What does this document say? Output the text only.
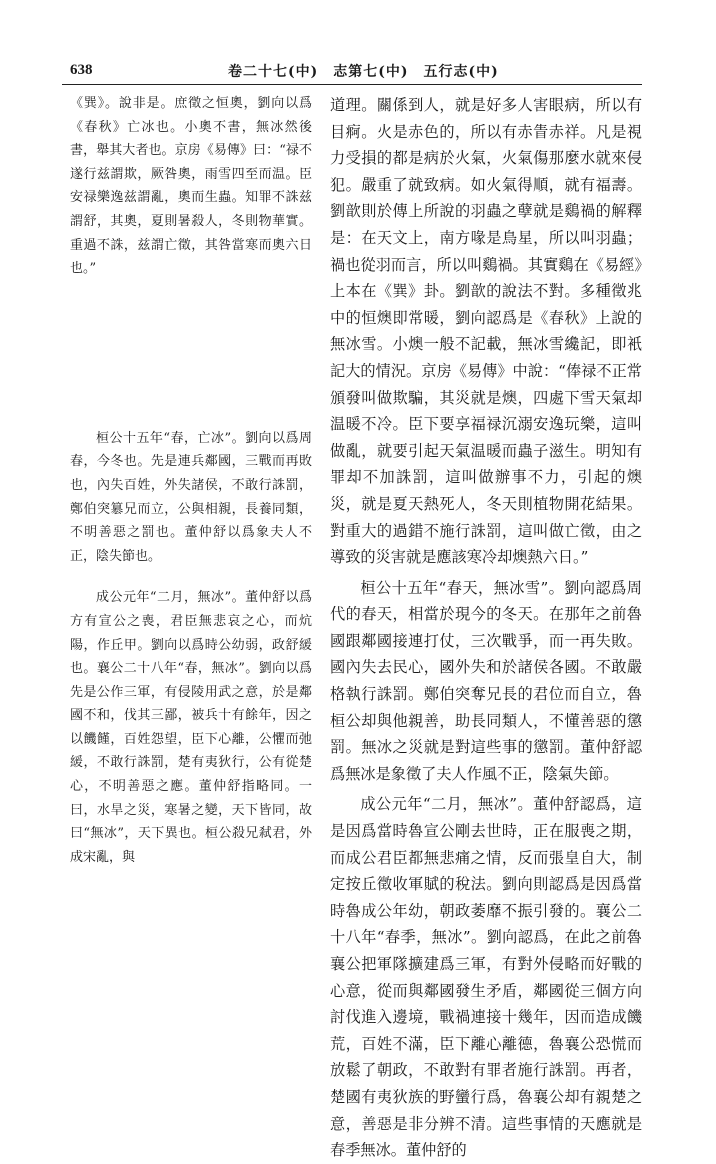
638	卷二十七(中)　志第七(中)　五行志(中)

《巽》。說非是。庶徵之恒奧，劉向以爲《春秋》亡冰也。小奧不書，無冰然後書，舉其大者也。京房《易傳》曰：“禄不遂行兹謂欺，厥咎奧，雨雪四至而温。臣安禄樂逸兹謂亂，奧而生蟲。知罪不誅兹謂舒，其奧，夏則暑殺人，冬則物華實。重過不誅，兹謂亡徵，其咎當寒而奧六日也。”

桓公十五年“春，亡冰”。劉向以爲周春，今冬也。先是連兵鄰國，三戰而再敗也，內失百姓，外失諸侯，不敢行誅罰，鄭伯突簒兄而立，公與相親，長養同類，不明善惡之罰也。董仲舒以爲象夫人不正，陰失節也。

成公元年“二月，無冰”。董仲舒以爲方有宣公之喪，君臣無悲哀之心，而炕陽，作丘甲。劉向以爲時公幼弱，政舒緩也。襄公二十八年“春，無冰”。劉向以爲先是公作三軍，有侵陵用武之意，於是鄰國不和，伐其三鄙，被兵十有餘年，因之以饑饉，百姓怨望，臣下心離，公懼而弛緩，不敢行誅罰，楚有夷狄行，公有從楚心，不明善惡之應。董仲舒指略同。一曰，水旱之災，寒暑之變，天下皆同，故曰“無冰”，天下異也。桓公殺兄弒君，外成宋亂，與

道理。關係到人，就是好多人害眼病，所以有目痾。火是赤色的，所以有赤眚赤祥。凡是視力受損的都是病於火氣，火氣傷那麼水就來侵犯。嚴重了就致病。如火氣得順，就有福壽。劉歆則於傳上所說的羽蟲之孽就是鷄禍的解釋是：在天文上，南方喙是鳥星，所以叫羽蟲；禍也從羽而言，所以叫鷄禍。其實鷄在《易經》上本在《巽》卦。劉歆的說法不對。多種徵兆中的恒燠即常暖，劉向認爲是《春秋》上說的無冰雪。小燠一般不記載，無冰雪纔記，即衹記大的情況。京房《易傳》中說：“俸禄不正常頒發叫做欺騙，其災就是燠，四處下雪天氣却温暖不冷。臣下要享福禄沉溺安逸玩樂，這叫做亂，就要引起天氣温暖而蟲子滋生。明知有罪却不加誅罰，這叫做辦事不力，引起的燠災，就是夏天熱死人，冬天則植物開花結果。對重大的過錯不施行誅罰，這叫做亡徵，由之導致的災害就是應該寒冷却燠熱六日。”

桓公十五年“春天，無冰雪”。劉向認爲周代的春天，相當於現今的冬天。在那年之前魯國跟鄰國接連打仗，三次戰爭，而一再失敗。國內失去民心，國外失和於諸侯各國。不敢嚴格執行誅罰。鄭伯突奪兄長的君位而自立，魯桓公却與他親善，助長同類人，不懂善惡的懲罰。無冰之災就是對這些事的懲罰。董仲舒認爲無冰是象徵了夫人作風不正，陰氣失節。

成公元年“二月，無冰”。董仲舒認爲，這是因爲當時魯宣公剛去世時，正在服喪之期，而成公君臣都無悲痛之情，反而張皇自大，制定按丘徵收軍賦的稅法。劉向則認爲是因爲當時魯成公年幼，朝政萎靡不振引發的。襄公二十八年“春季，無冰”。劉向認爲，在此之前魯襄公把軍隊擴建爲三軍，有對外侵略而好戰的心意，從而與鄰國發生矛盾，鄰國從三個方向討伐進入邊境，戰禍連接十幾年，因而造成饑荒，百姓不滿，臣下離心離德，魯襄公恐慌而放鬆了朝政，不敢對有罪者施行誅罰。再者，楚國有夷狄族的野蠻行爲，魯襄公却有親楚之意，善惡是非分辨不清。這些事情的天應就是春季無冰。董仲舒的
